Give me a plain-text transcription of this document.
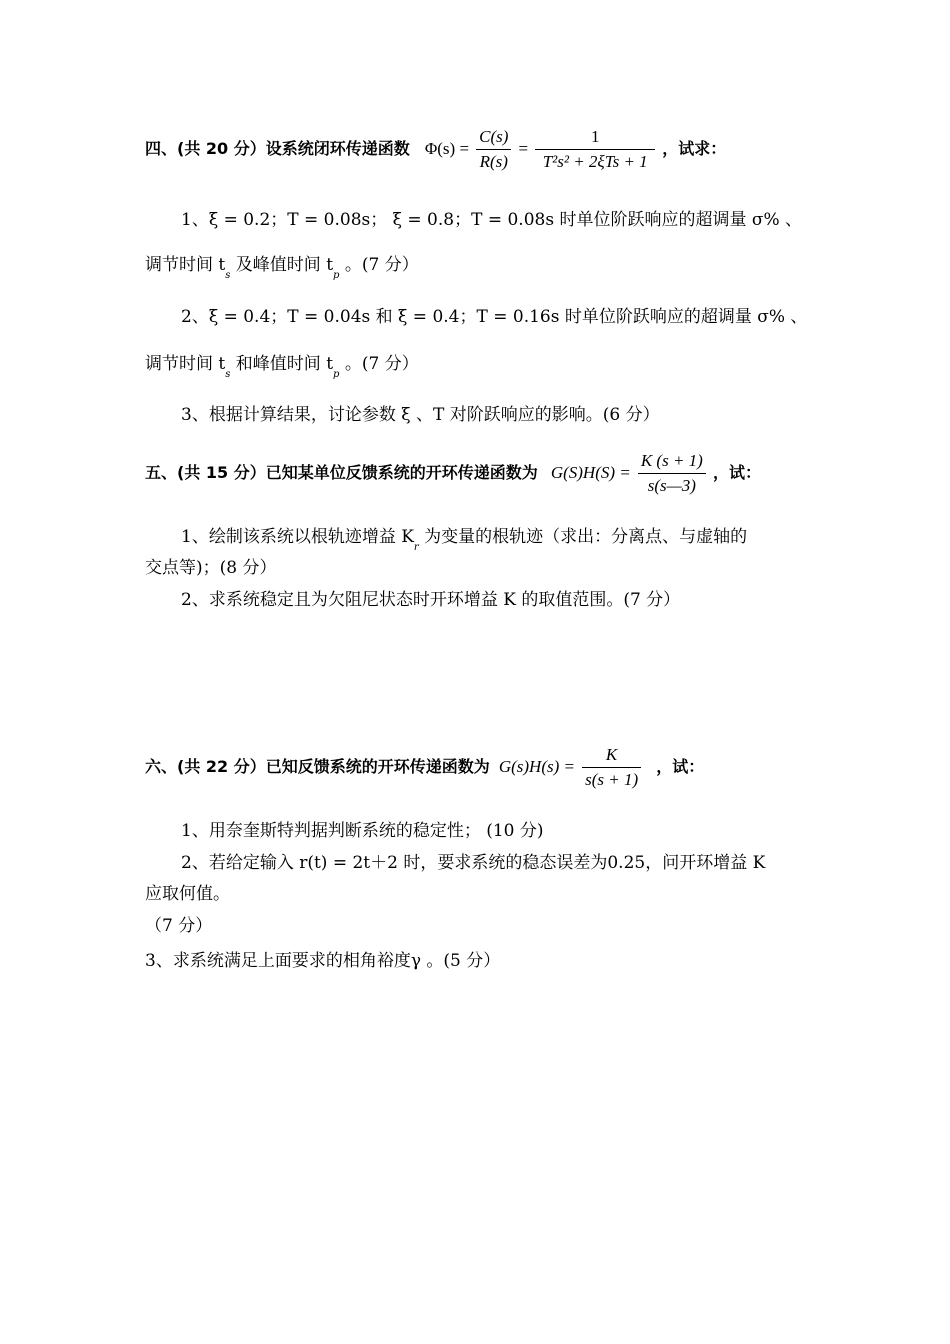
四、(共 20 分）设系统闭环传递函数 $\Phi(s) = \frac{C(s)}{R(s)} = \frac{1}{\text{T²s² + 2ξTs + 1}}$ ，试求：
1、ξ = 0.2；T = 0.08s； ξ = 0.8；T = 0.08s 时单位阶跃响应的超调量 σ% 、
调节时间 $t_s$ 及峰值时间 $t_p$ 。(7 分）
2、ξ = 0.4；T = 0.04s 和 ξ = 0.4；T = 0.16s 时单位阶跃响应的超调量 σ% 、
调节时间 $t_s$ 和峰值时间 $t_p$ 。(7 分）
3、根据计算结果，讨论参数 ξ 、T 对阶跃响应的影响。(6 分）
五、(共 15 分）已知某单位反馈系统的开环传递函数为 $G(S)H(S) = \frac{K (s + 1)}{s(s—3)}$ ，试：
1、绘制该系统以根轨迹增益 $K_r$ 为变量的根轨迹（求出：分离点、与虚轴的
交点等)；(8 分）
2、求系统稳定且为欠阻尼状态时开环增益 K 的取值范围。(7 分）
六、(共 22 分）已知反馈系统的开环传递函数为 $G(s)H(s) = \frac{K}{s(s + 1)}$ ，试：
1、用奈奎斯特判据判断系统的稳定性； (10 分)
2、若给定输入 r(t) = 2t＋2 时，要求系统的稳态误差为0.25，问开环增益 K
应取何值。
（7 分）
3、求系统满足上面要求的相角裕度γ 。(5 分）
